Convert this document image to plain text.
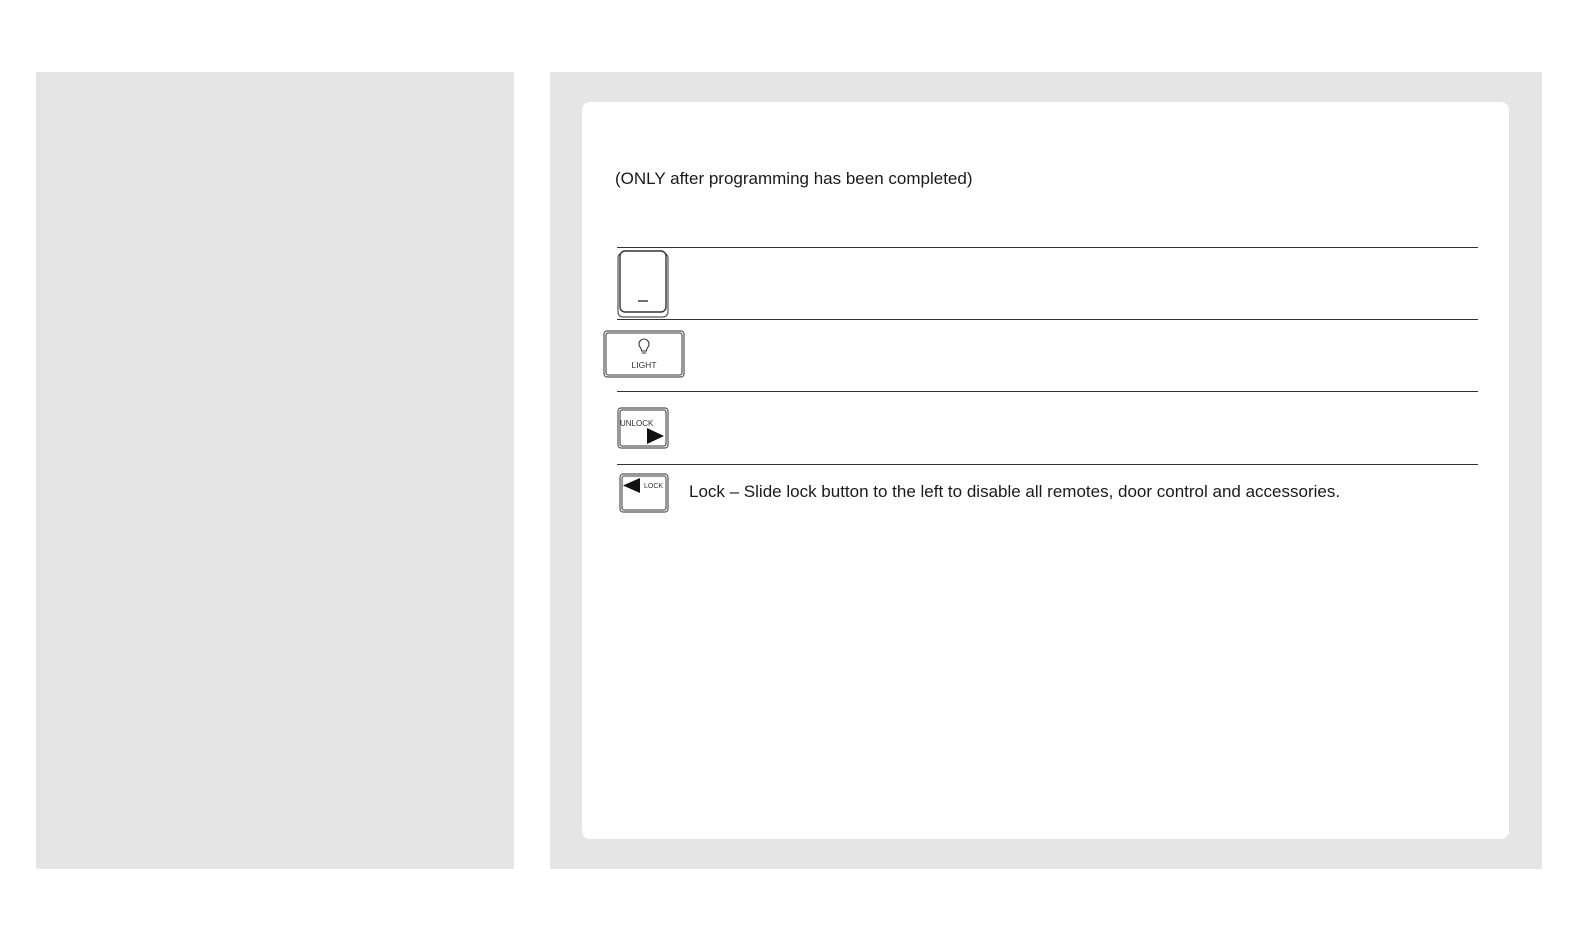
(ONLY after programming has been completed)
LIGHT
UNLOCK
LOCK Lock – Slide lock button to the left to disable all remotes, door control and accessories.
